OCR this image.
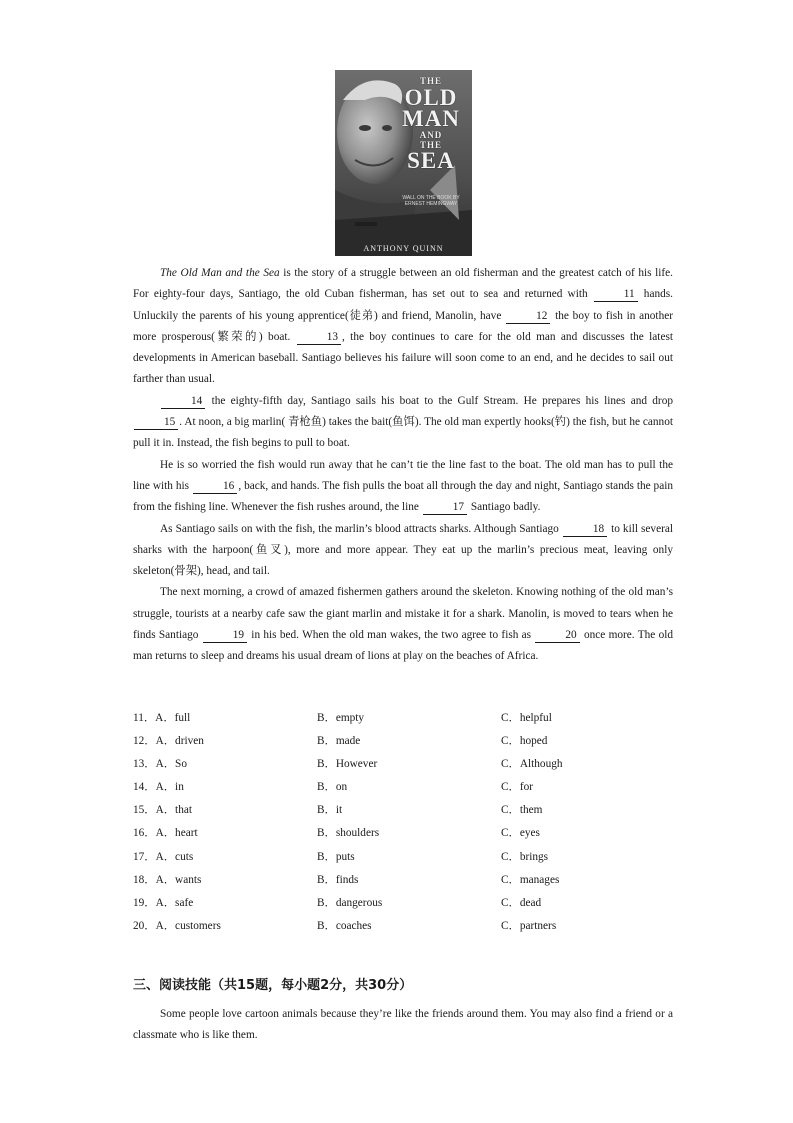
THE
OLD
MAN
AND
THE
SEA
WALL ON THE BOOK BY ERNEST HEMINGWAY
ANTHONY QUINN

The Old Man and the Sea is the story of a struggle between an old fisherman and the greatest catch of his life. For eighty-four days, Santiago, the old Cuban fisherman, has set out to sea and returned with	11 hands. Unluckily the parents of his young apprentice(徒弟) and friend, Manolin, have	12 the boy to fish in another more prosperous(繁荣的) boat.	13 , the boy continues to care for the old man and discusses the latest developments in American baseball. Santiago believes his failure will soon come to an end, and he decides to sail out farther than usual.

14 the eighty-fifth day, Santiago sails his boat to the Gulf Stream. He prepares his lines and drop 15 . At noon, a big marlin( 青枪鱼) takes the bait(鱼饵). The old man expertly hooks(钓) the fish, but he cannot pull it in. Instead, the fish begins to pull to boat.

He is so worried the fish would run away that he can’t tie the line fast to the boat. The old man has to pull the line with his	16 , back, and hands. The fish pulls the boat all through the day and night, Santiago stands the pain from the fishing line. Whenever the fish rushes around, the line	17 Santiago badly.

As Santiago sails on with the fish, the marlin’s blood attracts sharks. Although Santiago	18 to kill several sharks with the harpoon(鱼叉), more and more appear. They eat up the marlin’s precious meat, leaving only skeleton(骨架), head, and tail.

The next morning, a crowd of amazed fishermen gathers around the skeleton. Knowing nothing of the old man’s struggle, tourists at a nearby cafe saw the giant marlin and mistake it for a shark. Manolin, is moved to tears when he finds Santiago	19 in his bed. When the old man wakes, the two agree to fish as	20 once more. The old man returns to sleep and dreams his usual dream of lions at play on the beaches of Africa.

11．A．full	B．empty	C．helpful
12．A．driven	B．made	C．hoped
13．A．So	B．However	C．Although
14．A．in	B．on	C．for
15．A．that	B．it	C．them
16．A．heart	B．shoulders	C．eyes
17．A．cuts	B．puts	C．brings
18．A．wants	B．finds	C．manages
19．A．safe	B．dangerous	C．dead
20．A．customers	B．coaches	C．partners
三、阅读技能（共15题，每小题2分，共30分）

Some people love cartoon animals because they’re like the friends around them. You may also find a friend or a classmate who is like them.
